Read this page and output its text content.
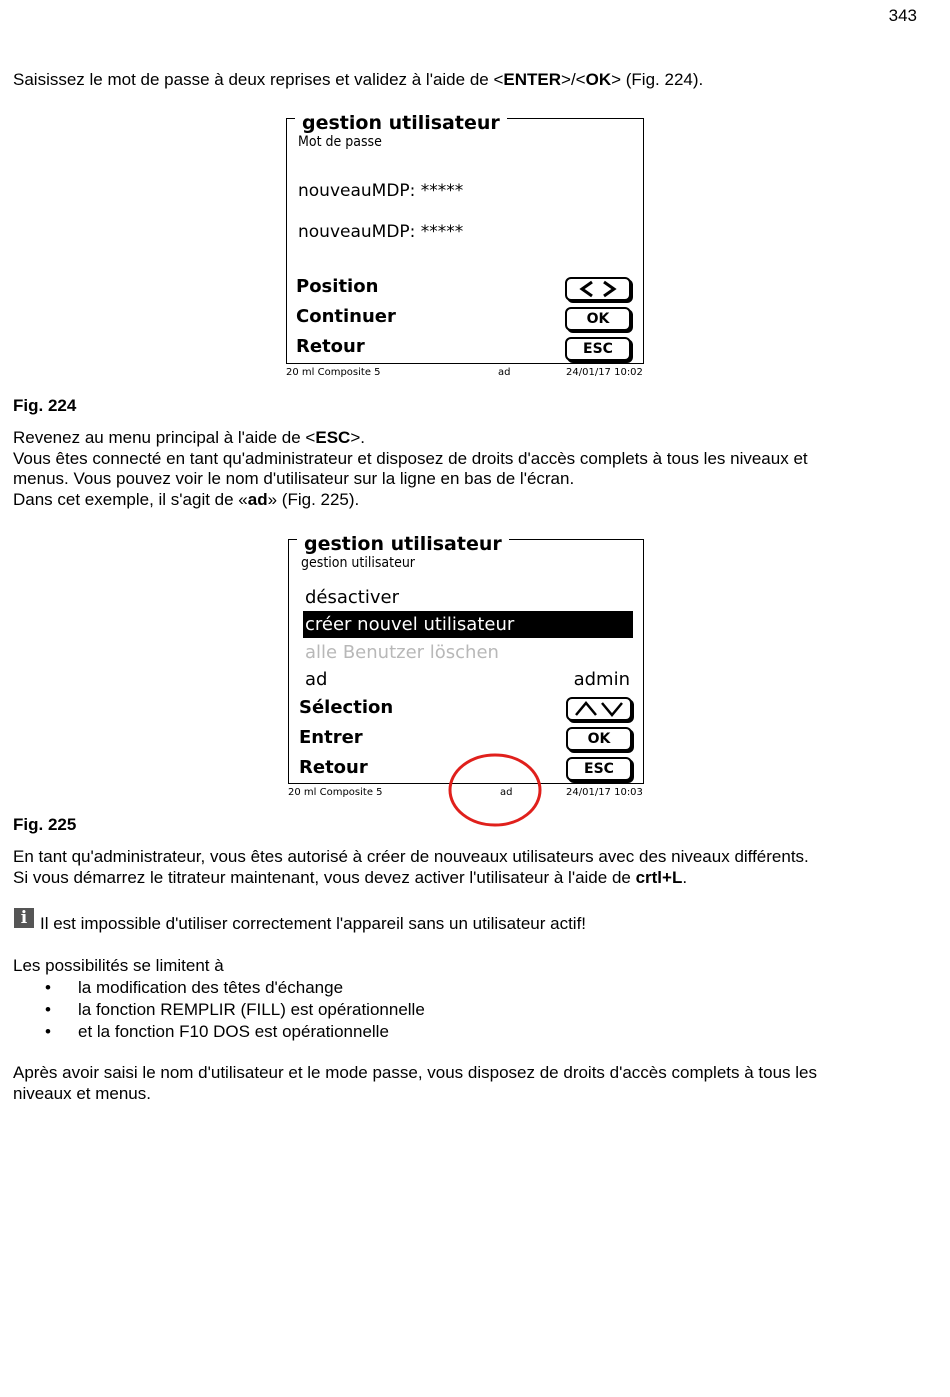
343

Saisissez le mot de passe à deux reprises et validez à l'aide de <ENTER>/<OK> (Fig. 224).

gestion utilisateur
Mot de passe
nouveauMDP: *****
nouveauMDP: *****
Position
Continuer	OK
Retour	ESC
20 ml Composite 5	ad	24/01/17 10:02

Fig. 224

Revenez au menu principal à l'aide de <ESC>.

Vous êtes connecté en tant qu'administrateur et disposez de droits d'accès complets à tous les niveaux et

menus. Vous pouvez voir le nom d'utilisateur sur la ligne en bas de l'écran.

Dans cet exemple, il s'agit de «ad» (Fig. 225).

gestion utilisateur
gestion utilisateur
désactiver
créer nouvel utilisateur
alle Benutzer löschen
ad	admin
Sélection
Entrer	OK
Retour	ESC
20 ml Composite 5	ad	24/01/17 10:03

Fig. 225

En tant qu'administrateur, vous êtes autorisé à créer de nouveaux utilisateurs avec des niveaux différents.

Si vous démarrez le titrateur maintenant, vous devez activer l'utilisateur à l'aide de crtl+L.

i Il est impossible d'utiliser correctement l'appareil sans un utilisateur actif!

Les possibilités se limitent à

• la modification des têtes d'échange
• la fonction REMPLIR (FILL) est opérationnelle
• et la fonction F10 DOS est opérationnelle

Après avoir saisi le nom d'utilisateur et le mode passe, vous disposez de droits d'accès complets à tous les

niveaux et menus.
